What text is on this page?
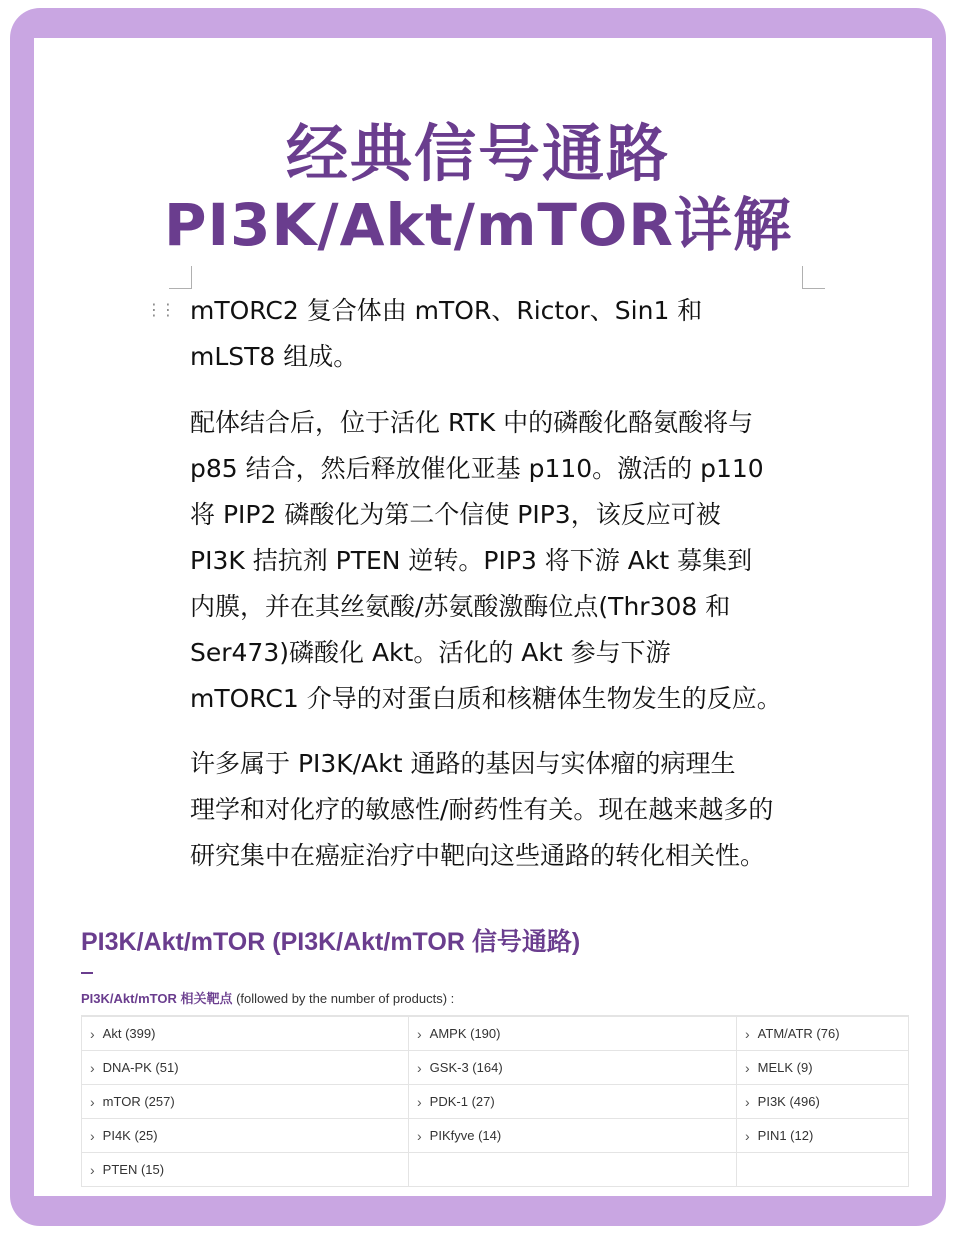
经典信号通路
PI3K/Akt/mTOR详解
⋮⋮ mTORC2 复合体由 mTOR、Rictor、Sin1 和
mLST8 组成。
配体结合后，位于活化 RTK 中的磷酸化酪氨酸将与
p85 结合，然后释放催化亚基 p110。激活的 p110
将 PIP2 磷酸化为第二个信使 PIP3，该反应可被
PI3K 拮抗剂 PTEN 逆转。PIP3 将下游 Akt 募集到
内膜，并在其丝氨酸/苏氨酸激酶位点(Thr308 和
Ser473)磷酸化 Akt。活化的 Akt 参与下游
mTORC1 介导的对蛋白质和核糖体生物发生的反应。
许多属于 PI3K/Akt 通路的基因与实体瘤的病理生
理学和对化疗的敏感性/耐药性有关。现在越来越多的
研究集中在癌症治疗中靶向这些通路的转化相关性。
PI3K/Akt/mTOR (PI3K/Akt/mTOR 信号通路)
PI3K/Akt/mTOR 相关靶点 (followed by the number of products) :
› Akt (399)	› AMPK (190)	› ATM/ATR (76)
› DNA-PK (51)	› GSK-3 (164)	› MELK (9)
› mTOR (257)	› PDK-1 (27)	› PI3K (496)
› PI4K (25)	› PIKfyve (14)	› PIN1 (12)
› PTEN (15)
